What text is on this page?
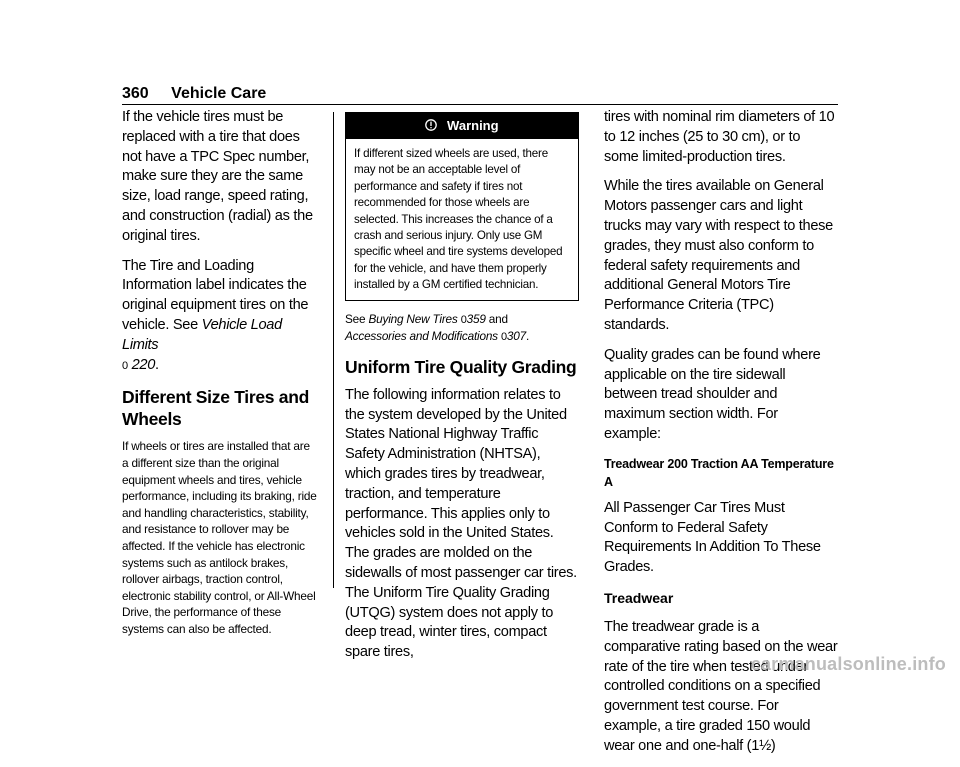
360 Vehicle Care

If the vehicle tires must be replaced with a tire that does not have a TPC Spec number, make sure they are the same size, load range, speed rating, and construction (radial) as the original tires.

The Tire and Loading Information label indicates the original equipment tires on the vehicle. See Vehicle Load Limits
0 220.

Different Size Tires and Wheels

If wheels or tires are installed that are a different size than the original equipment wheels and tires, vehicle performance, including its braking, ride and handling characteristics, stability, and resistance to rollover may be affected. If the vehicle has electronic systems such as antilock brakes, rollover airbags, traction control, electronic stability control, or All-Wheel Drive, the performance of these systems can also be affected.

Warning
If different sized wheels are used, there may not be an acceptable level of performance and safety if tires not recommended for those wheels are selected. This increases the chance of a crash and serious injury. Only use GM specific wheel and tire systems developed for the vehicle, and have them properly installed by a GM certified technician.

See Buying New Tires 0359 and
Accessories and Modifications 0307.

Uniform Tire Quality Grading

The following information relates to the system developed by the United States National Highway Traffic Safety Administration (NHTSA), which grades tires by treadwear, traction, and temperature performance. This applies only to vehicles sold in the United States. The grades are molded on the sidewalls of most passenger car tires. The Uniform Tire Quality Grading (UTQG) system does not apply to deep tread, winter tires, compact spare tires,

tires with nominal rim diameters of 10 to 12 inches (25 to 30 cm), or to some limited-production tires.

While the tires available on General Motors passenger cars and light trucks may vary with respect to these grades, they must also conform to federal safety requirements and additional General Motors Tire Performance Criteria (TPC) standards.

Quality grades can be found where applicable on the tire sidewall between tread shoulder and maximum section width. For example:

Treadwear 200 Traction AA Temperature A

All Passenger Car Tires Must Conform to Federal Safety Requirements In Addition To These Grades.

Treadwear

The treadwear grade is a comparative rating based on the wear rate of the tire when tested under controlled conditions on a specified government test course. For example, a tire graded 150 would wear one and one-half (1½)

carmanualsonline.info
